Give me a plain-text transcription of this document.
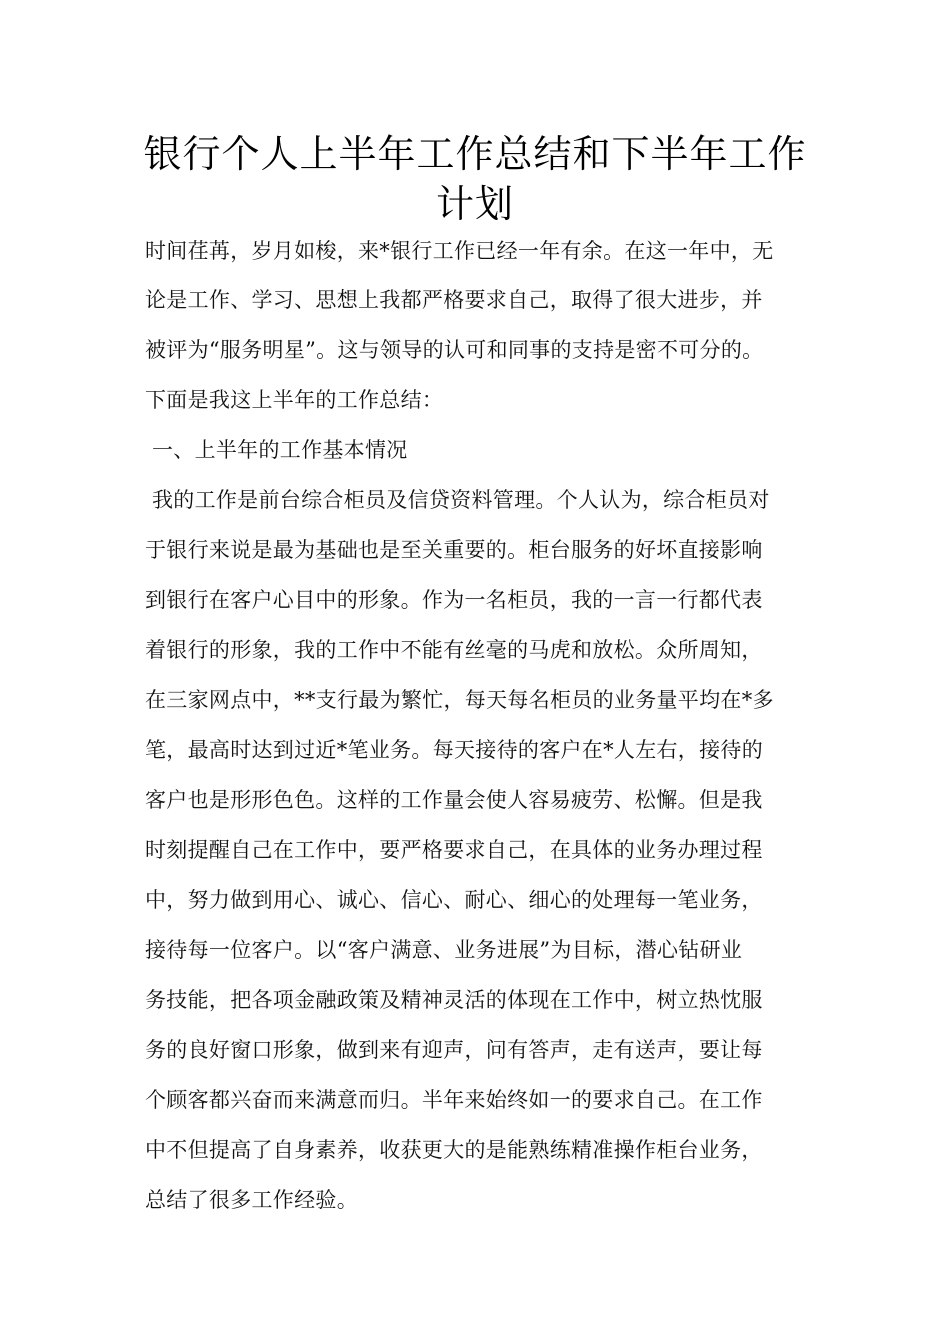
银行个人上半年工作总结和下半年工作
计划
时间荏苒，岁月如梭，来*银行工作已经一年有余。在这一年中，无
论是工作、学习、思想上我都严格要求自己，取得了很大进步，并
被评为“服务明星”。这与领导的认可和同事的支持是密不可分的。
下面是我这上半年的工作总结：
一、上半年的工作基本情况
我的工作是前台综合柜员及信贷资料管理。个人认为，综合柜员对
于银行来说是最为基础也是至关重要的。柜台服务的好坏直接影响
到银行在客户心目中的形象。作为一名柜员，我的一言一行都代表
着银行的形象，我的工作中不能有丝毫的马虎和放松。众所周知，
在三家网点中，**支行最为繁忙，每天每名柜员的业务量平均在*多
笔，最高时达到过近*笔业务。每天接待的客户在*人左右，接待的
客户也是形形色色。这样的工作量会使人容易疲劳、松懈。但是我
时刻提醒自己在工作中，要严格要求自己，在具体的业务办理过程
中，努力做到用心、诚心、信心、耐心、细心的处理每一笔业务，
接待每一位客户。以“客户满意、业务进展”为目标，潜心钻研业
务技能，把各项金融政策及精神灵活的体现在工作中，树立热忱服
务的良好窗口形象，做到来有迎声，问有答声，走有送声，要让每
个顾客都兴奋而来满意而归。半年来始终如一的要求自己。在工作
中不但提高了自身素养，收获更大的是能熟练精准操作柜台业务，
总结了很多工作经验。
